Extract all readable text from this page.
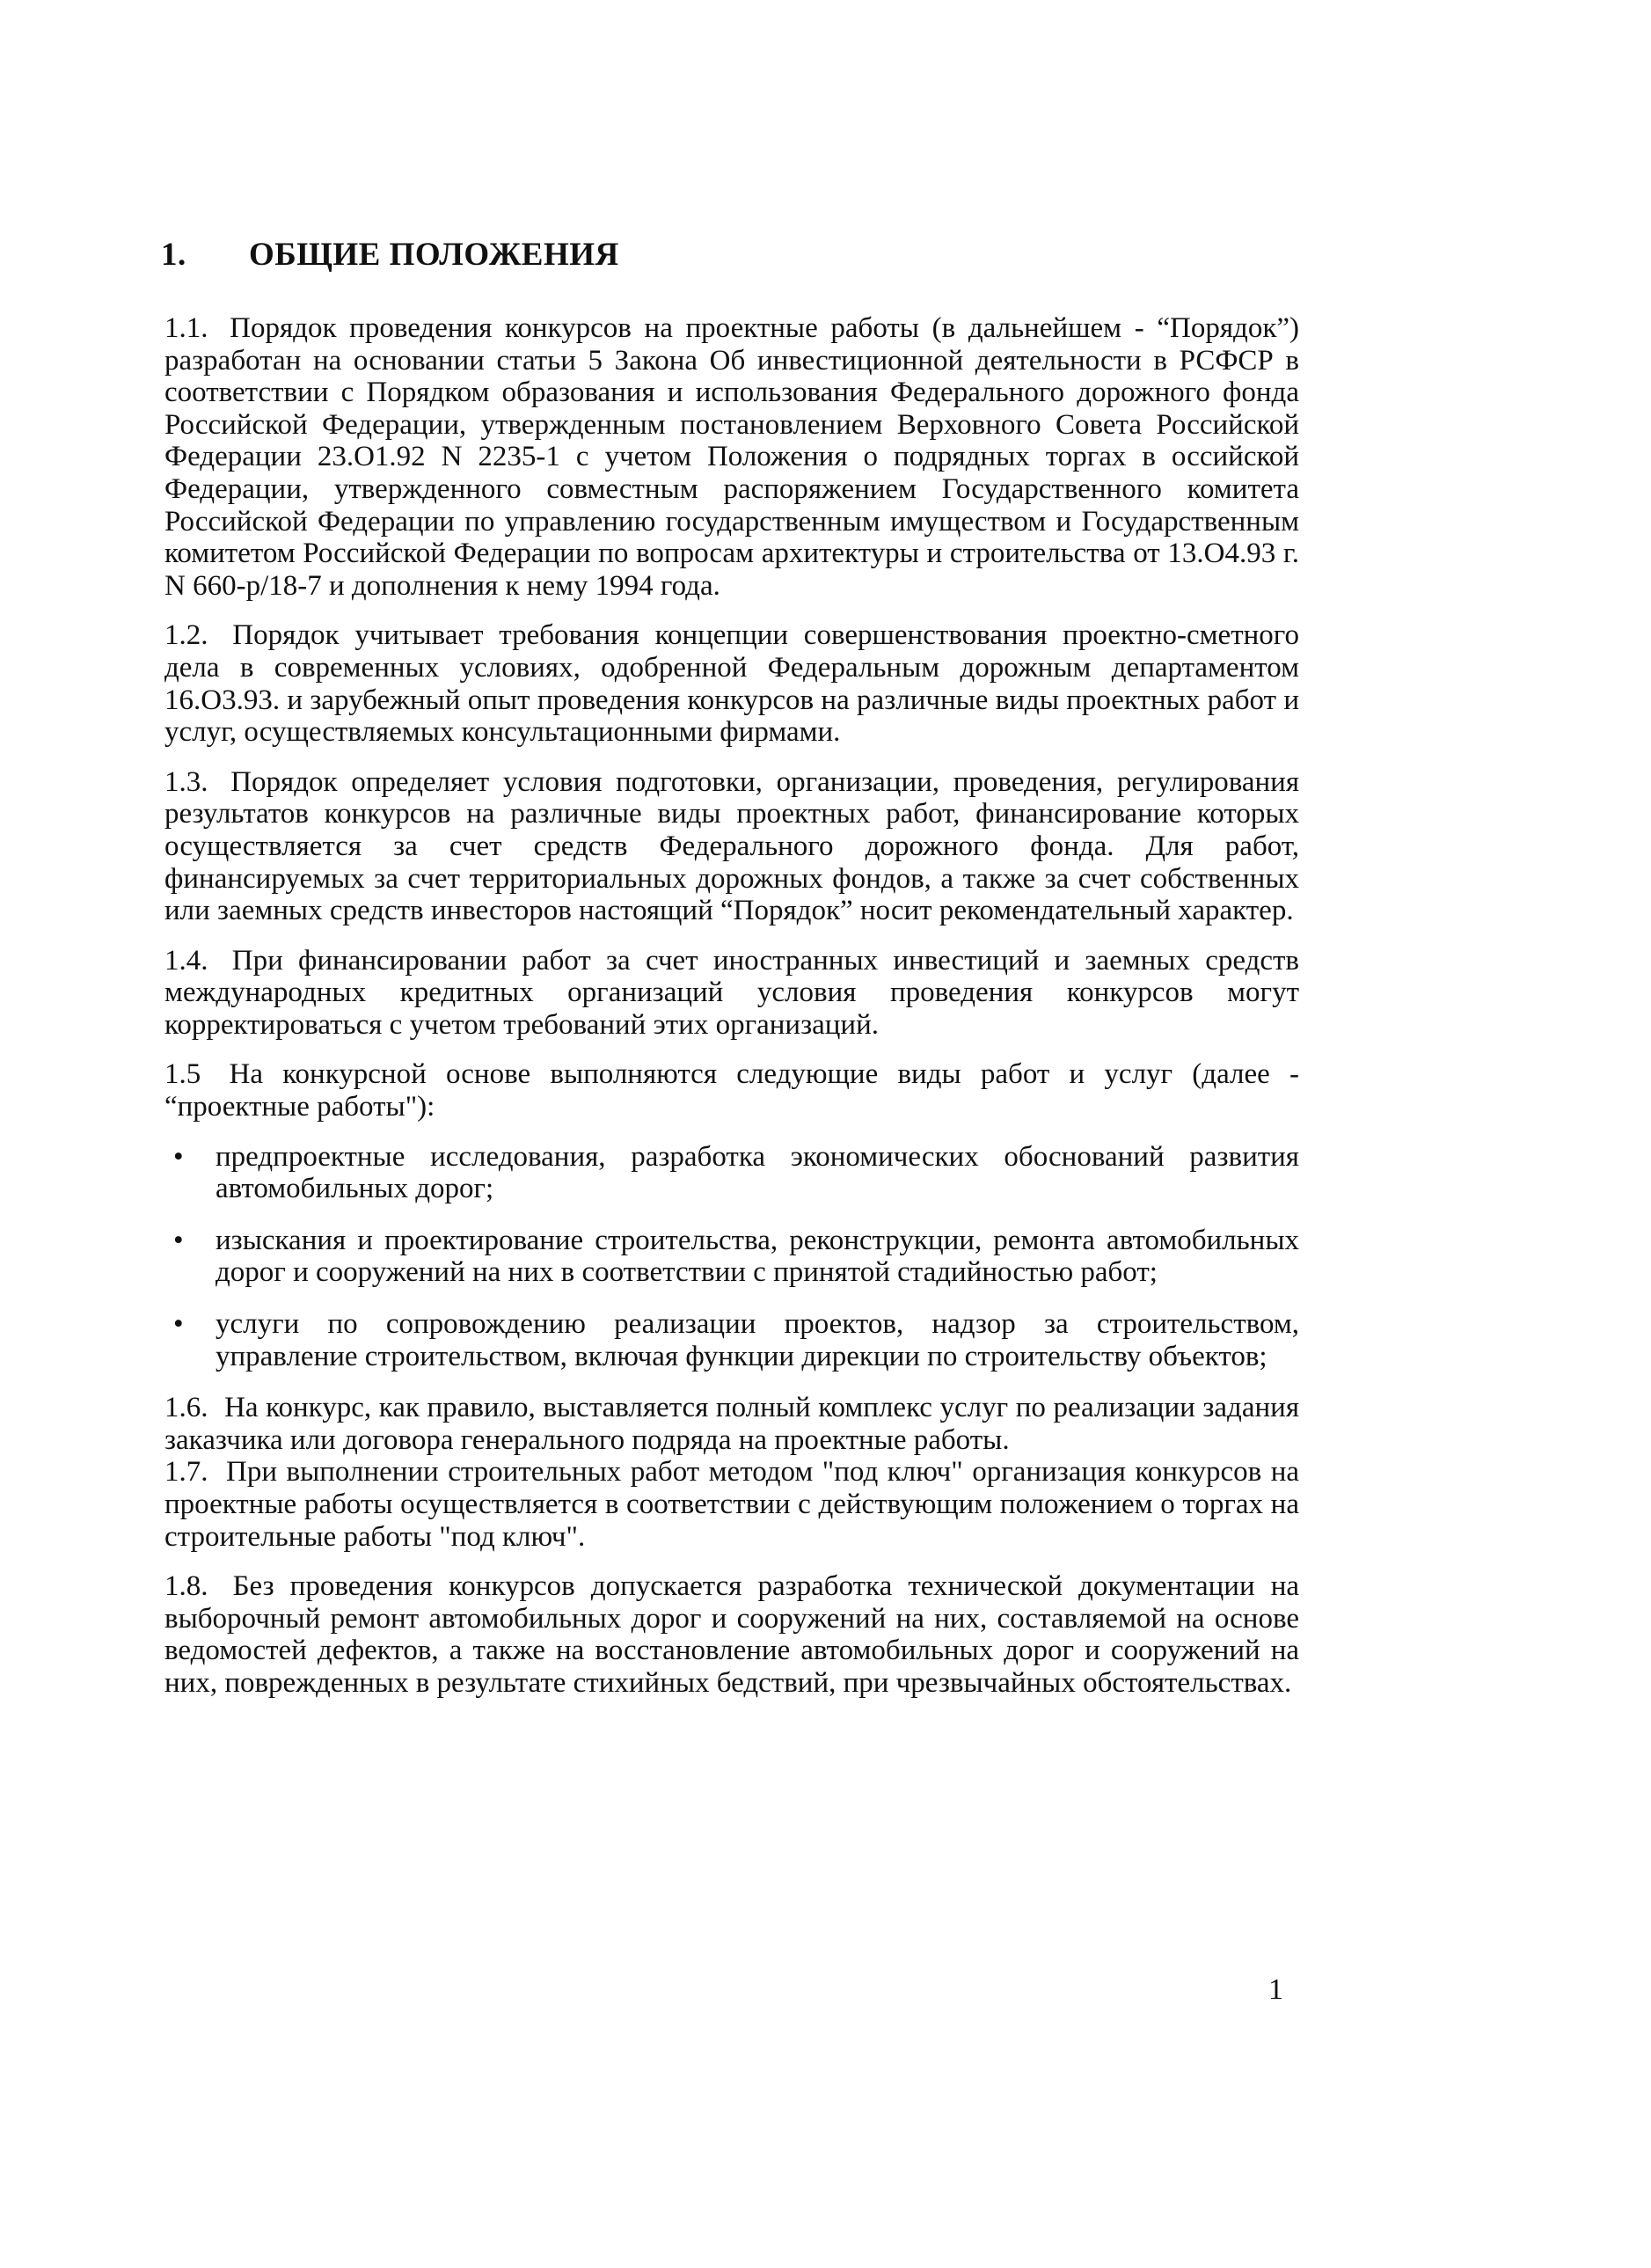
1. ОБЩИЕ ПОЛОЖЕНИЯ

1.1. Порядок проведения конкурсов на проектные работы (в дальнейшем - “Порядок”) разработан на основании статьи 5 Закона Об инвестиционной деятельности в РСФСР в соответствии с Порядком образования и использования Федерального дорожного фонда Российской Федерации, утвержденным постановлением Верховного Совета Российской Федерации 23.О1.92 N 2235-1 с учетом Положения о подрядных торгах в оссийской Федерации, утвержденного совместным распоряжением Государственного комитета Российской Федерации по управлению государственным имуществом и Государственным комитетом Российской Федерации по вопросам архитектуры и строительства от 13.О4.93 г. N 660-р/18-7 и дополнения к нему 1994 года.

1.2. Порядок учитывает требования концепции совершенствования проектно-сметного дела в современных условиях, одобренной Федеральным дорожным департаментом 16.О3.93. и зарубежный опыт проведения конкурсов на различные виды проектных работ и услуг, осуществляемых консультационными фирмами.

1.3. Порядок определяет условия подготовки, организации, проведения, регулирования результатов конкурсов на различные виды проектных работ, финансирование которых осуществляется за счет средств Федерального дорожного фонда. Для работ, финансируемых за счет территориальных дорожных фондов, а также за счет собственных или заемных средств инвесторов настоящий “Порядок” носит рекомендательный характер.

1.4. При финансировании работ за счет иностранных инвестиций и заемных средств международных кредитных организаций условия проведения конкурсов могут корректироваться с учетом требований этих организаций.

1.5 На конкурсной основе выполняются следующие виды работ и услуг (далее - “проектные работы"):

• предпроектные исследования, разработка экономических обоснований развития автомобильных дорог;
• изыскания и проектирование строительства, реконструкции, ремонта автомобильных дорог и сооружений на них в соответствии с принятой стадийностью работ;
• услуги по сопровождению реализации проектов, надзор за строительством, управление строительством, включая функции дирекции по строительству объектов;

1.6. На конкурс, как правило, выставляется полный комплекс услуг по реализации задания заказчика или договора генерального подряда на проектные работы.

1.7. При выполнении строительных работ методом "под ключ" организация конкурсов на проектные работы осуществляется в соответствии с действующим положением о торгах на строительные работы "под ключ".

1.8. Без проведения конкурсов допускается разработка технической документации на выборочный ремонт автомобильных дорог и сооружений на них, составляемой на основе ведомостей дефектов, а также на восстановление автомобильных дорог и сооружений на них, поврежденных в результате стихийных бедствий, при чрезвычайных обстоятельствах.

1
